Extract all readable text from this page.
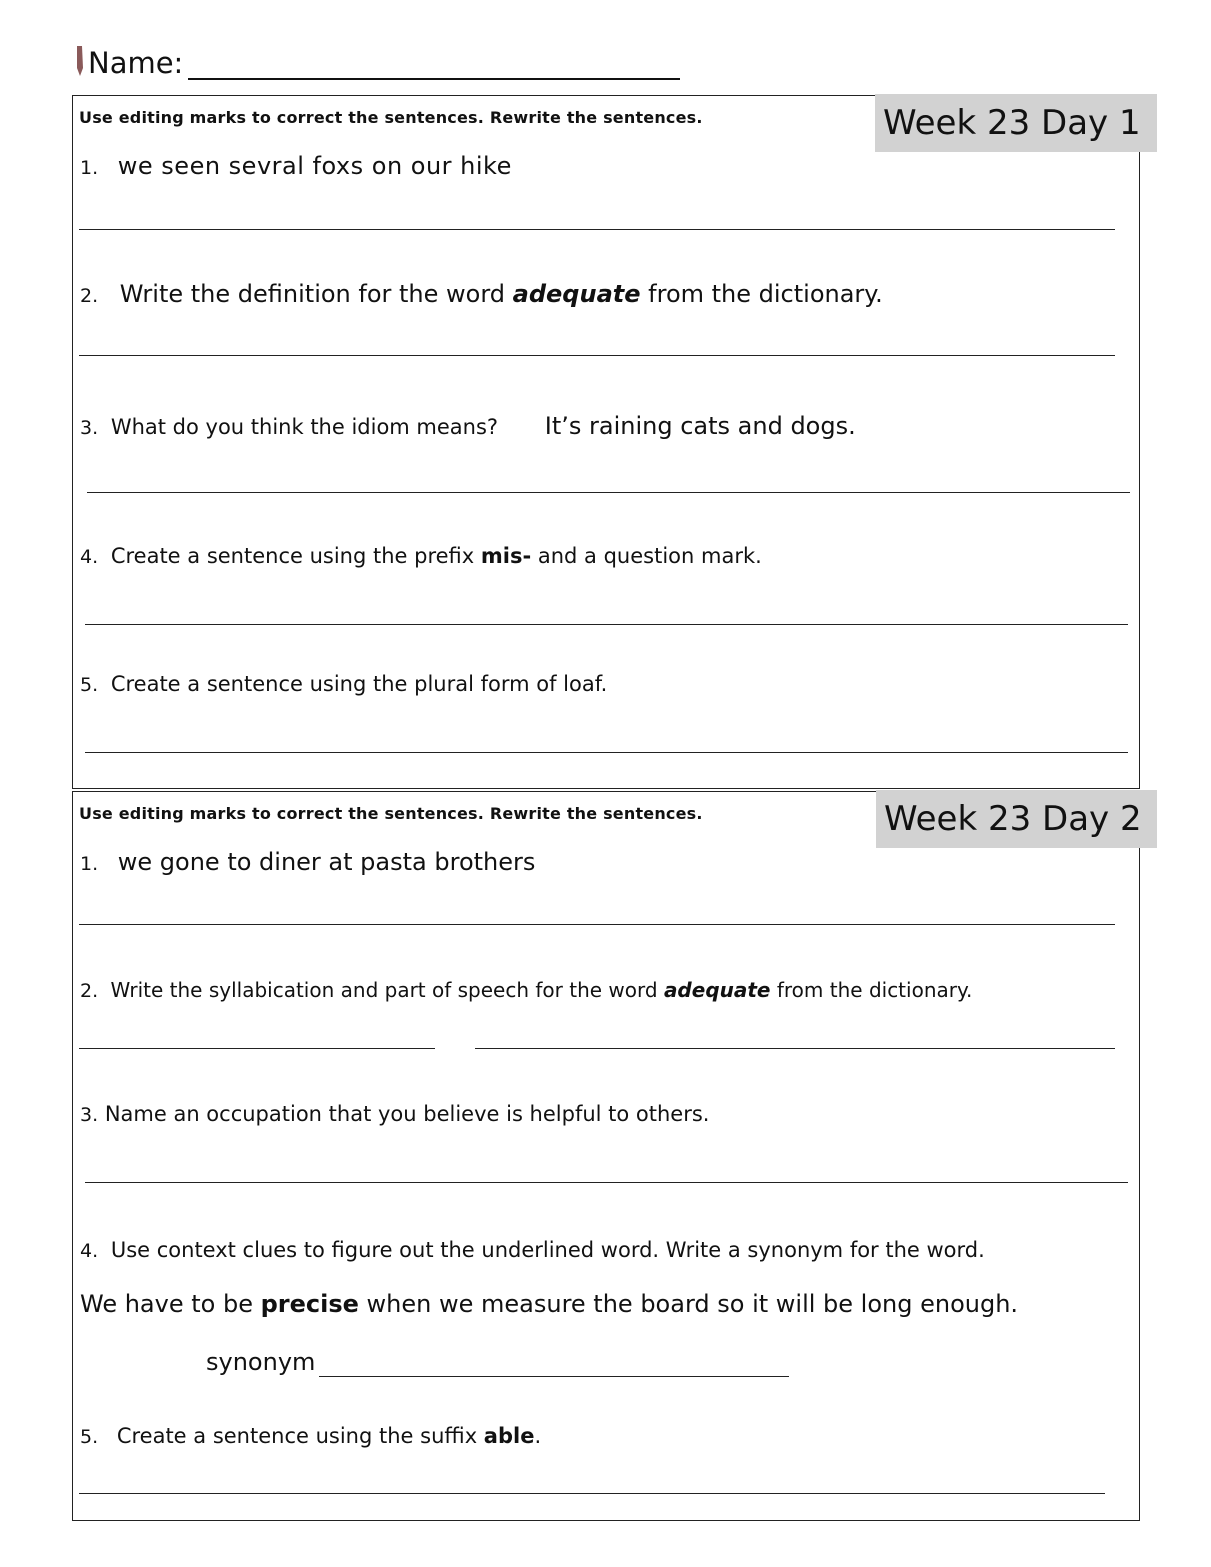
Name:
Week 23 Day 1
Use editing marks to correct the sentences. Rewrite the sentences.
1. we seen sevral foxs on our hike
2. Write the definition for the word adequate from the dictionary.
3. What do you think the idiom means? It’s raining cats and dogs.
4. Create a sentence using the prefix mis- and a question mark.
5. Create a sentence using the plural form of loaf.
Week 23 Day 2
Use editing marks to correct the sentences. Rewrite the sentences.
1. we gone to diner at pasta brothers
2. Write the syllabication and part of speech for the word adequate from the dictionary.
3. Name an occupation that you believe is helpful to others.
4. Use context clues to figure out the underlined word. Write a synonym for the word.
We have to be precise when we measure the board so it will be long enough.
synonym
5. Create a sentence using the suffix able.
